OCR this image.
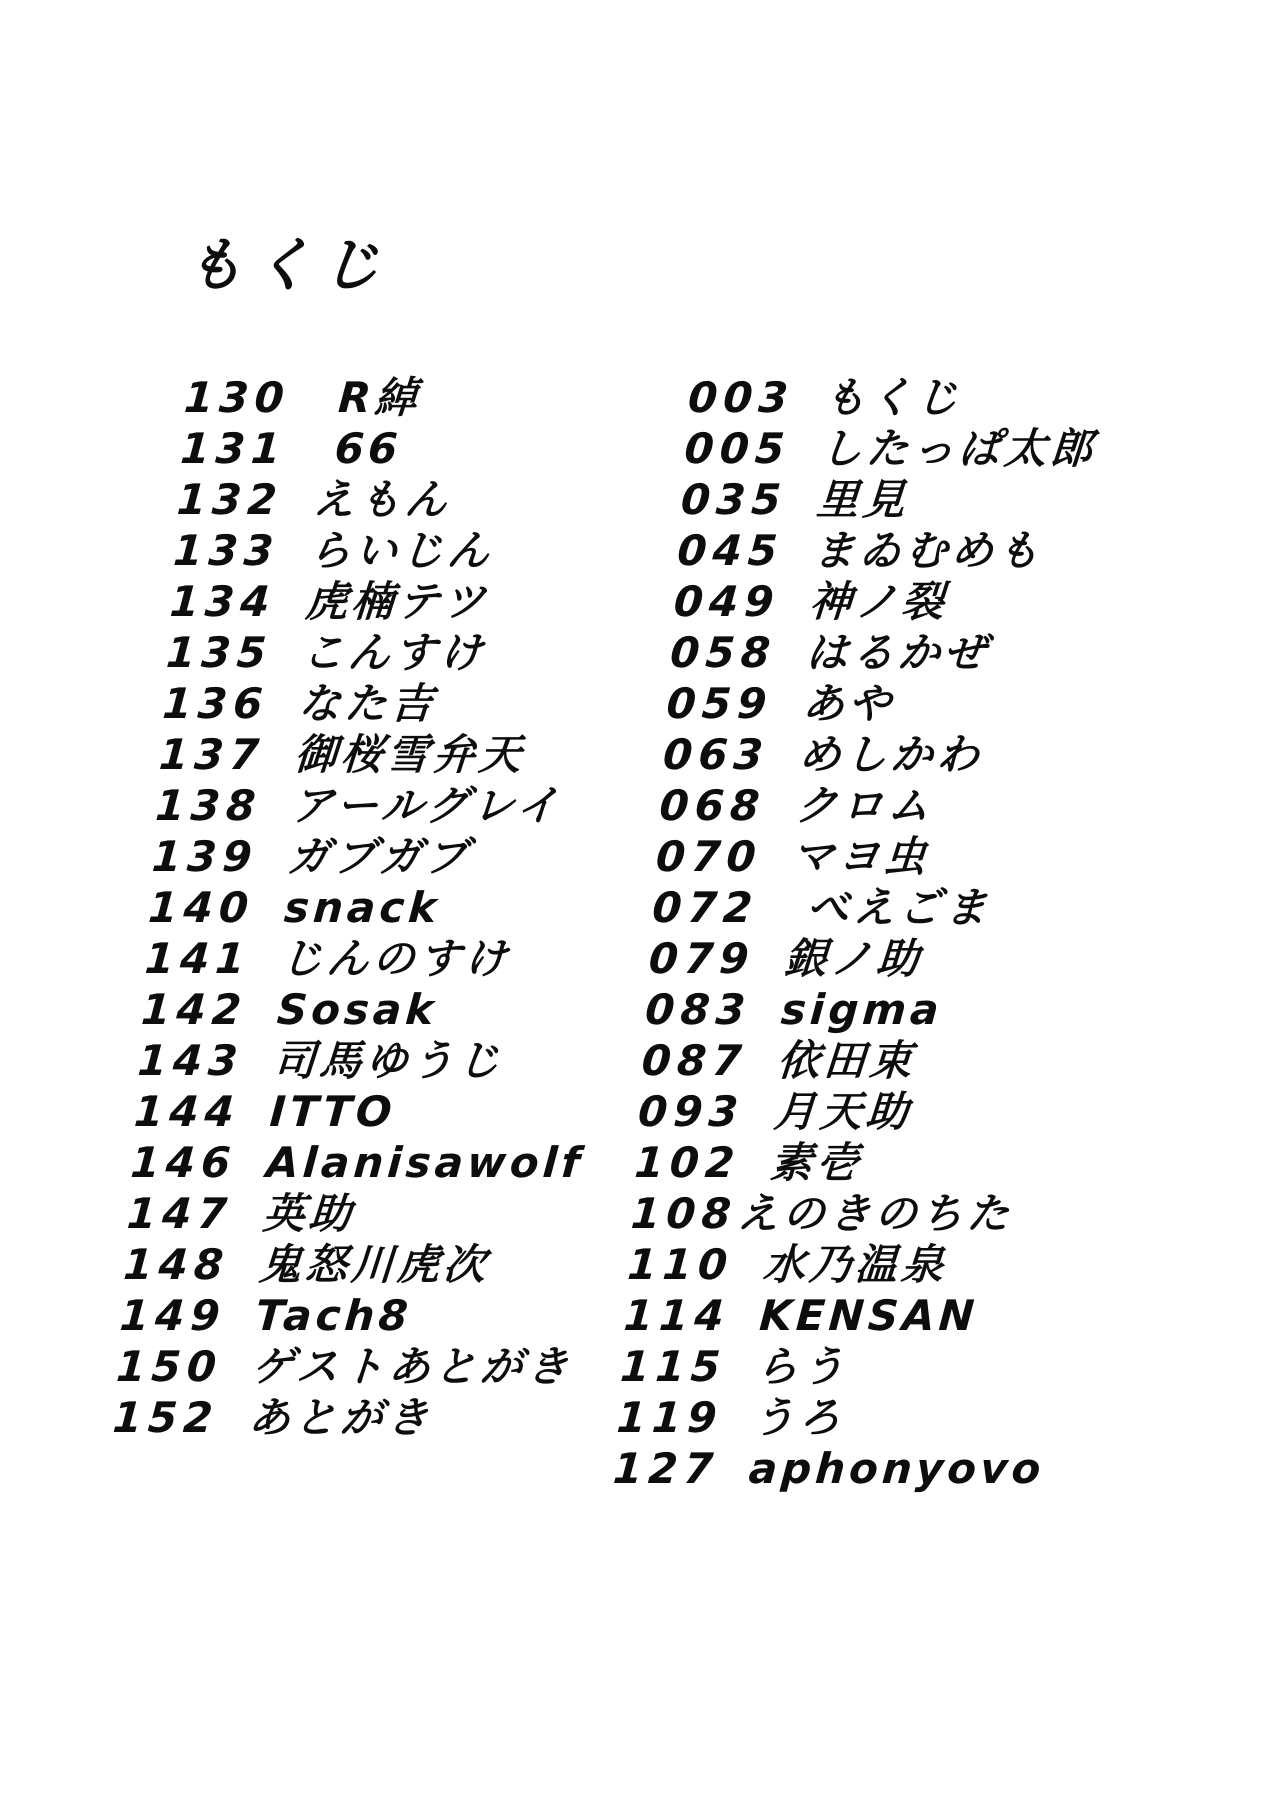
もくじ
130 R綽
131 66
132 えもん
133 らいじん
134 虎楠テツ
135 こんすけ
136 なた吉
137 御桜雪弁天
138 アールグレイ
139 ガブガブ
140 snack
141 じんのすけ
142 Sosak
143 司馬ゆうじ
144 ITTO
146 Alanisawolf
147 英助
148 鬼怒川虎次
149 Tach8
150 ゲストあとがき
152 あとがき
003 もくじ
005 したっぱ太郎
035 里見
045 まゐむめも
049 神ノ裂
058 はるかぜ
059 あや
063 めしかわ
068 クロム
070 マヨ虫
072 べえごま
079 銀ノ助
083 sigma
087 依田束
093 月天助
102 素壱
108
えのきのちた
110 水乃温泉
114 KENSAN
115 らう
119 うろ
127 aphonyovo
